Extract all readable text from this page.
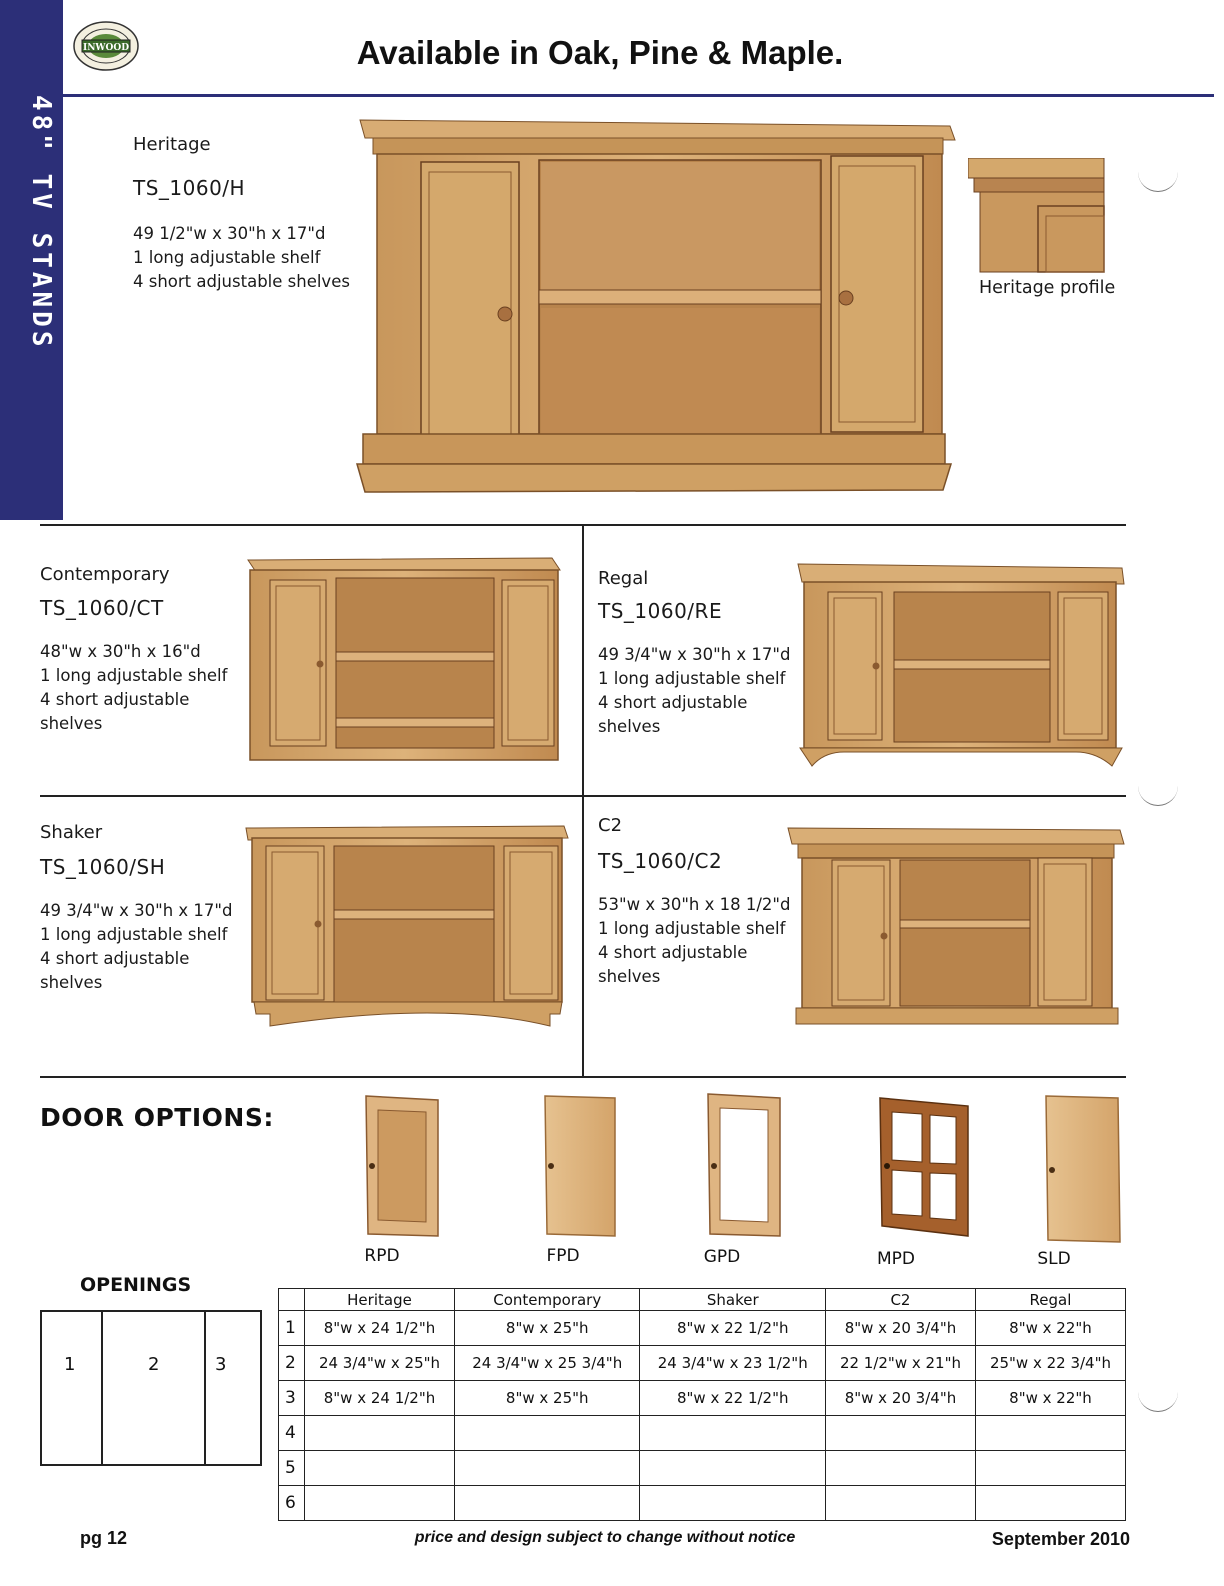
48" TV STANDS
INWOOD	Available in Oak, Pine & Maple.
Heritage
TS_1060/H
49 1/2"w x 30"h x 17"d
1 long adjustable shelf
4 short adjustable shelves	Heritage profile
Contemporary
TS_1060/CT
48"w x 30"h x 16"d
1 long adjustable shelf
4 short adjustable
shelves
Regal
TS_1060/RE
49 3/4"w x 30"h x 17"d
1 long adjustable shelf
4 short adjustable
shelves
Shaker
TS_1060/SH
49 3/4"w x 30"h x 17"d
1 long adjustable shelf
4 short adjustable
shelves
C2
TS_1060/C2
53"w x 30"h x 18 1/2"d
1 long adjustable shelf
4 short adjustable
shelves
DOOR OPTIONS:
RPD	FPD	GPD	MPD	SLD
OPENINGS
1	2	3
	Heritage	Contemporary	Shaker	C2	Regal
1	8"w x 24 1/2"h	8"w x 25"h	8"w x 22 1/2"h	8"w x 20 3/4"h	8"w x 22"h
2	24 3/4"w x 25"h	24 3/4"w x 25 3/4"h	24 3/4"w x 23 1/2"h	22 1/2"w x 21"h	25"w x 22 3/4"h
3	8"w x 24 1/2"h	8"w x 25"h	8"w x 22 1/2"h	8"w x 20 3/4"h	8"w x 22"h
4					
5					
6					
pg 12	price and design subject to change without notice	September 2010
